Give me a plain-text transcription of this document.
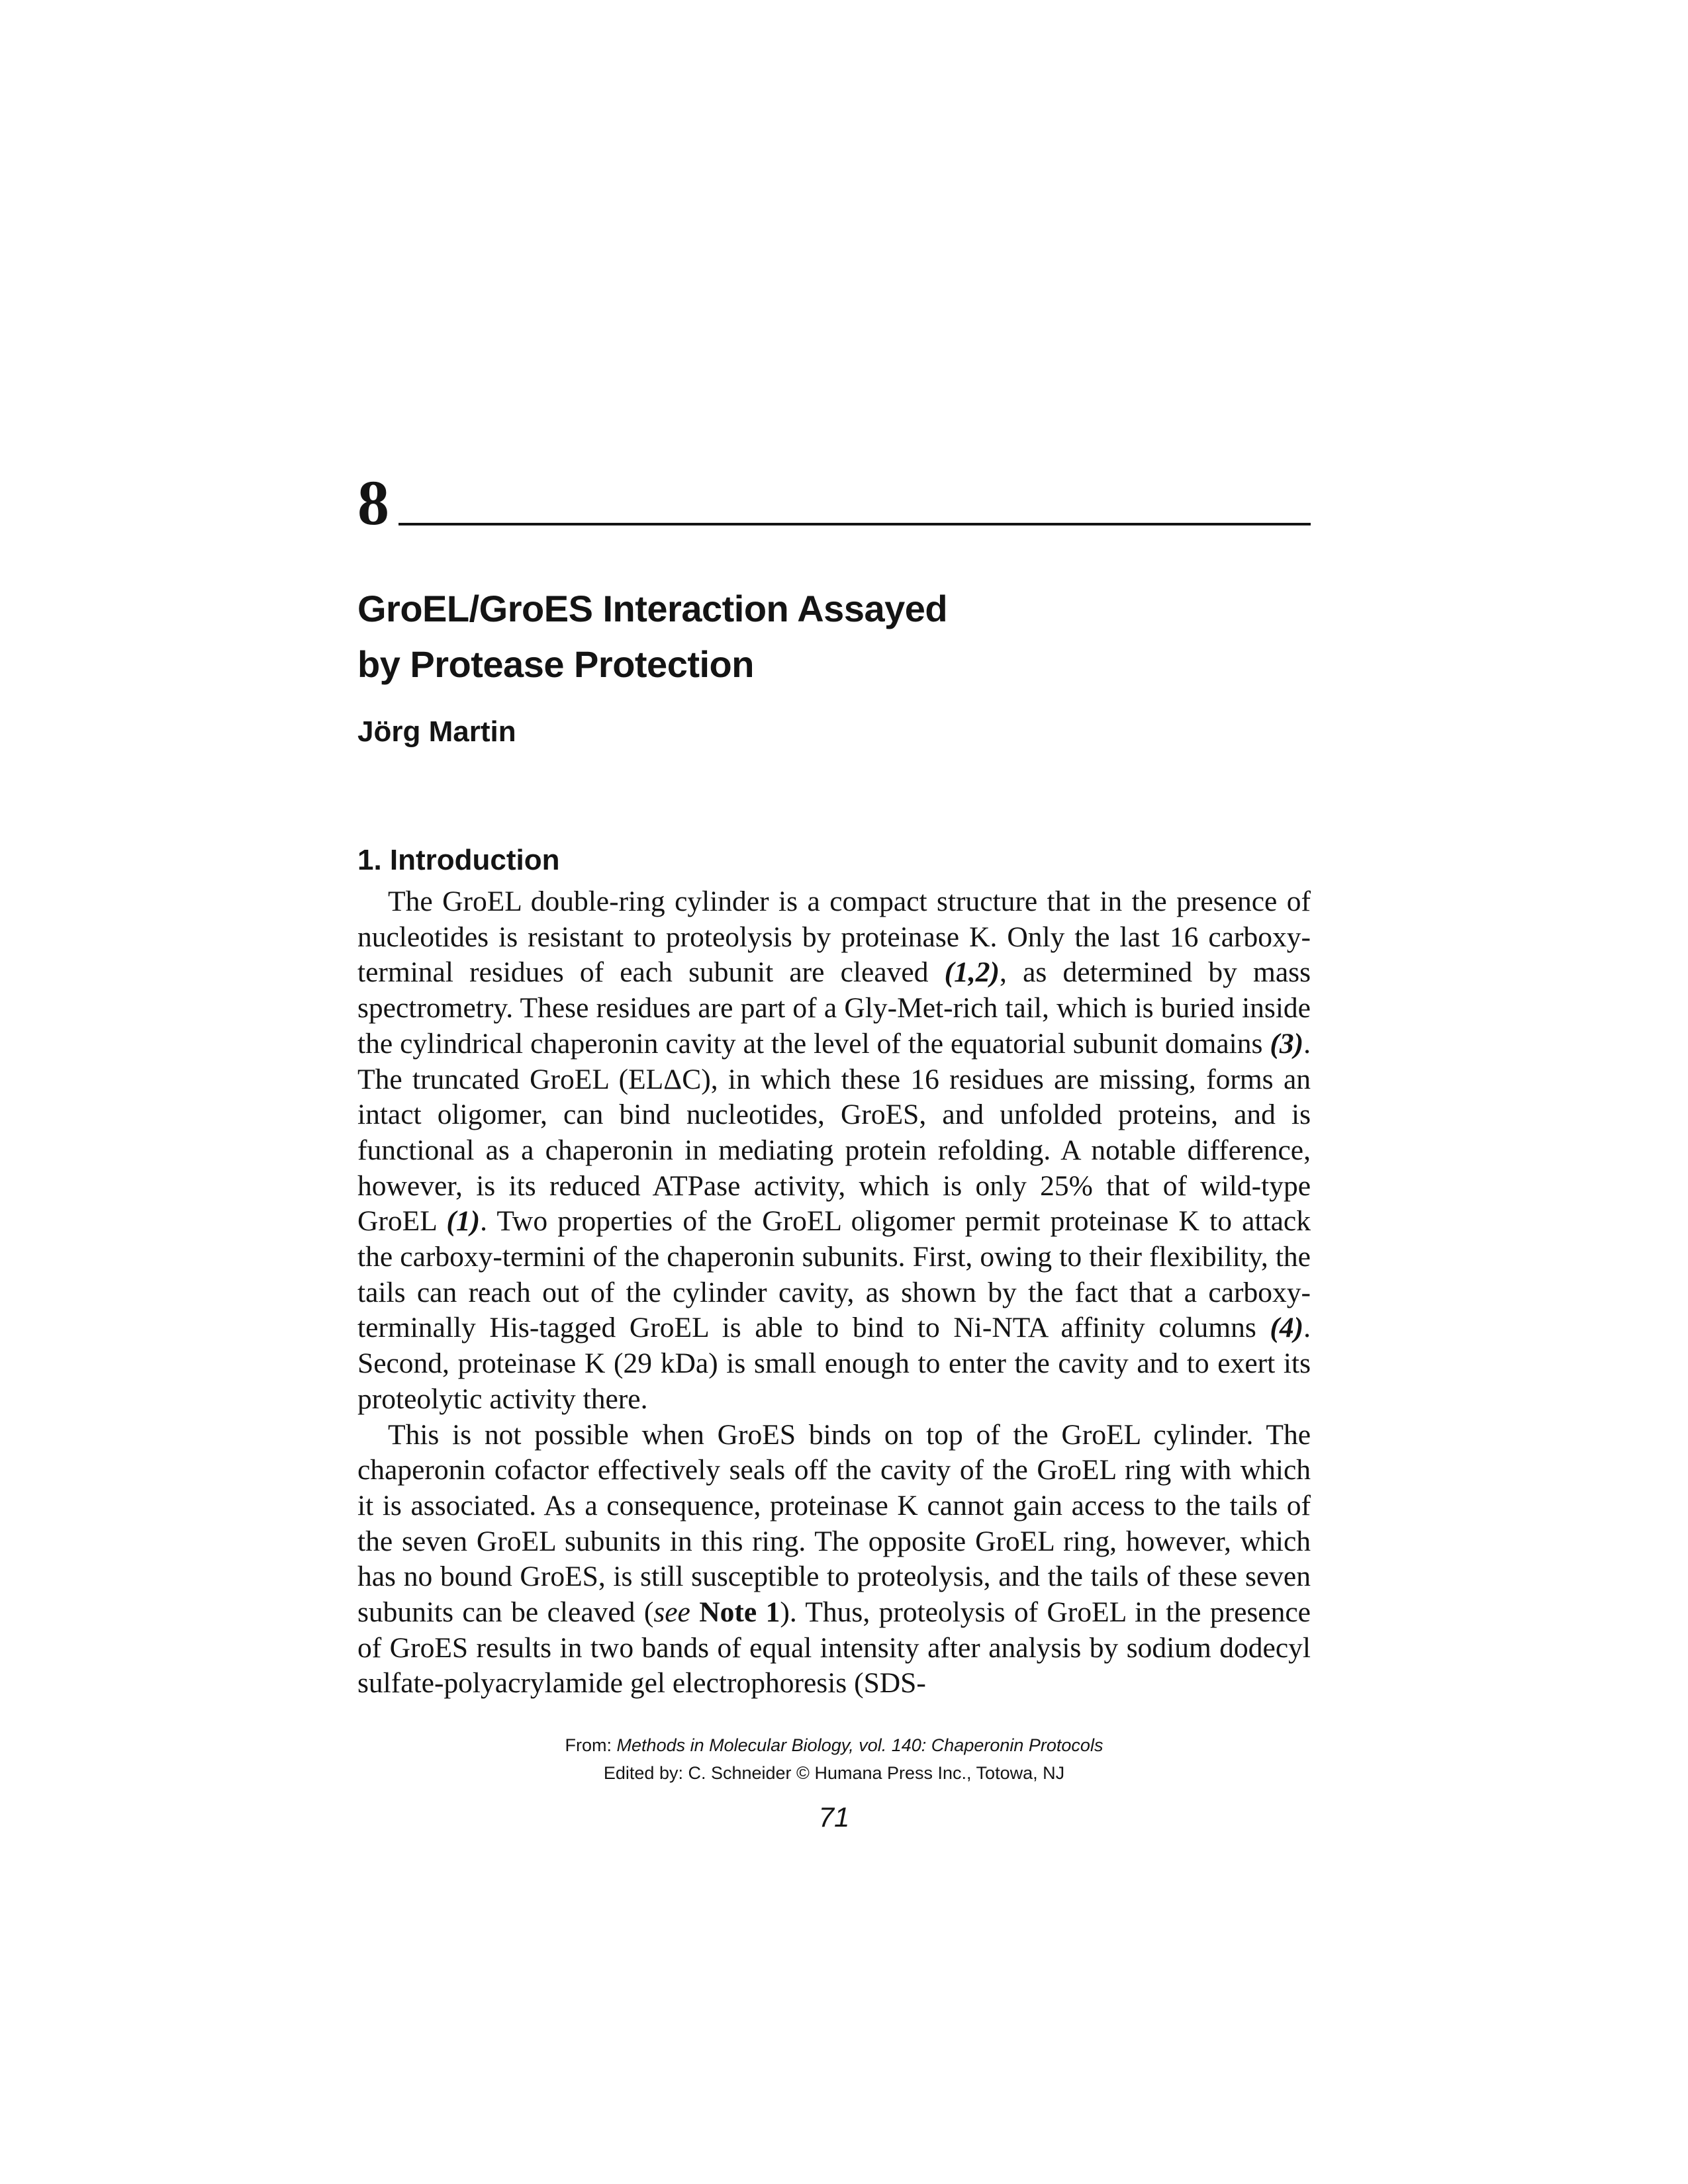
8
GroEL/GroES Interaction Assayed
by Protease Protection
Jörg Martin
1. Introduction

The GroEL double-ring cylinder is a compact structure that in the presence of nucleotides is resistant to proteolysis by proteinase K. Only the last 16 carboxy-terminal residues of each subunit are cleaved (1,2), as determined by mass spectrometry. These residues are part of a Gly-Met-rich tail, which is buried inside the cylindrical chaperonin cavity at the level of the equatorial subunit domains (3). The truncated GroEL (ELΔC), in which these 16 residues are missing, forms an intact oligomer, can bind nucleotides, GroES, and unfolded proteins, and is functional as a chaperonin in mediating protein refolding. A notable difference, however, is its reduced ATPase activity, which is only 25% that of wild-type GroEL (1). Two properties of the GroEL oligomer permit proteinase K to attack the carboxy-termini of the chaperonin subunits. First, owing to their flexibility, the tails can reach out of the cylinder cavity, as shown by the fact that a carboxy-terminally His-tagged GroEL is able to bind to Ni-NTA affinity columns (4). Second, proteinase K (29 kDa) is small enough to enter the cavity and to exert its proteolytic activity there.

This is not possible when GroES binds on top of the GroEL cylinder. The chaperonin cofactor effectively seals off the cavity of the GroEL ring with which it is associated. As a consequence, proteinase K cannot gain access to the tails of the seven GroEL subunits in this ring. The opposite GroEL ring, however, which has no bound GroES, is still susceptible to proteolysis, and the tails of these seven subunits can be cleaved (see Note 1). Thus, proteolysis of GroEL in the presence of GroES results in two bands of equal intensity after analysis by sodium dodecyl sulfate-polyacrylamide gel electrophoresis (SDS-

From: Methods in Molecular Biology, vol. 140: Chaperonin Protocols
Edited by: C. Schneider © Humana Press Inc., Totowa, NJ
71
